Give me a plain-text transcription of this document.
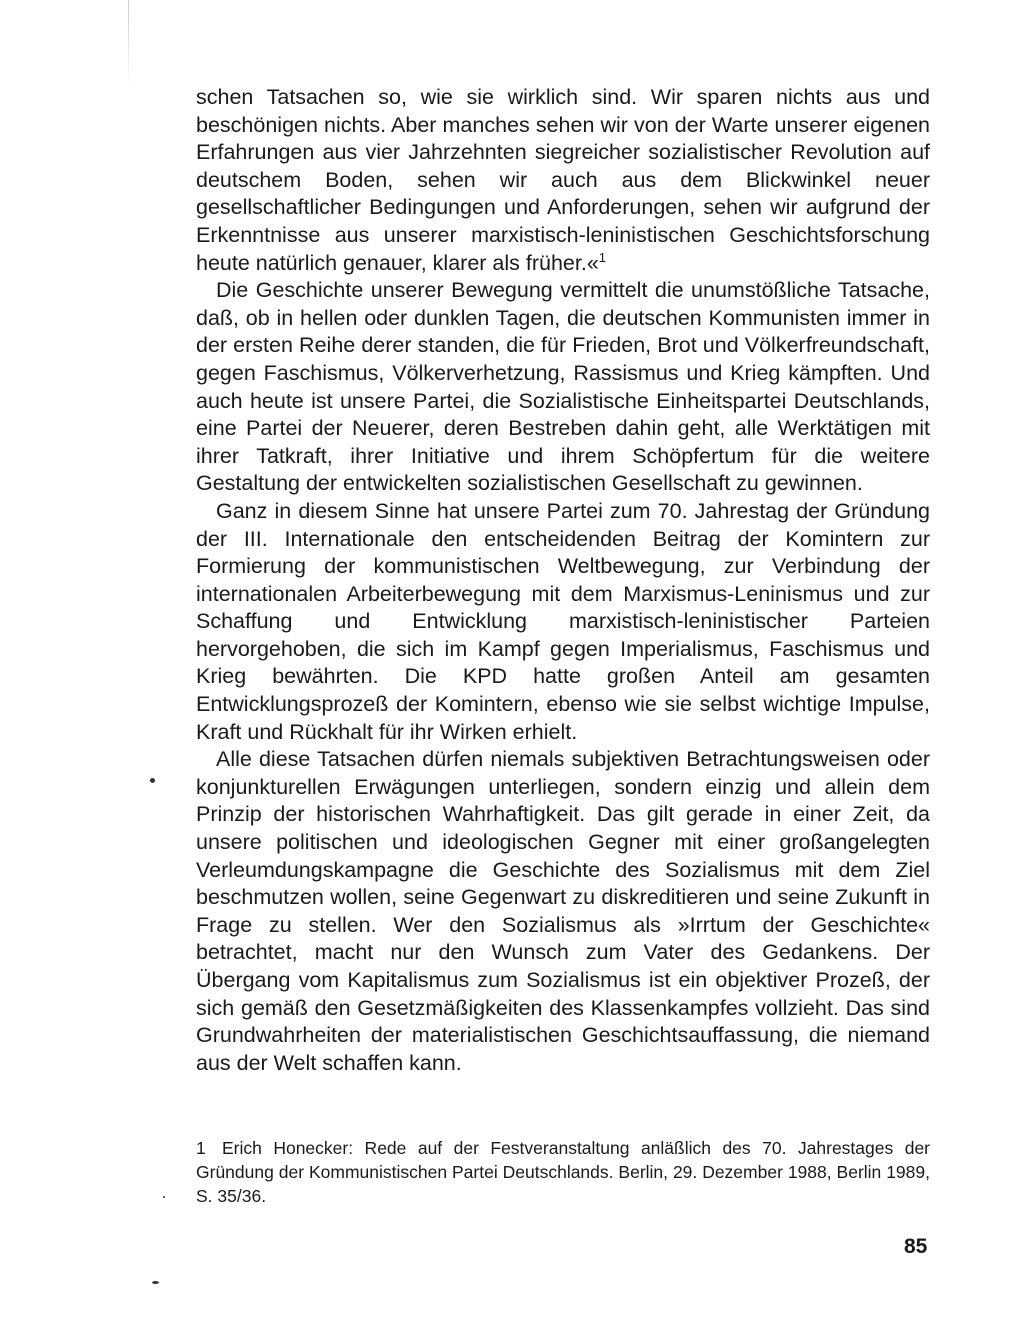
schen Tatsachen so, wie sie wirklich sind. Wir sparen nichts aus und beschönigen nichts. Aber manches sehen wir von der Warte unserer eigenen Erfahrungen aus vier Jahrzehnten siegreicher sozialistischer Revolution auf deutschem Boden, sehen wir auch aus dem Blickwinkel neuer gesellschaftlicher Bedingungen und Anforderungen, sehen wir aufgrund der Erkenntnisse aus unserer marxistisch-leninistischen Geschichtsforschung heute natürlich genauer, klarer als früher.«$^1$

Die Geschichte unserer Bewegung vermittelt die unumstößliche Tatsache, daß, ob in hellen oder dunklen Tagen, die deutschen Kommunisten immer in der ersten Reihe derer standen, die für Frieden, Brot und Völkerfreundschaft, gegen Faschismus, Völkerverhetzung, Rassismus und Krieg kämpften. Und auch heute ist unsere Partei, die Sozialistische Einheitspartei Deutschlands, eine Partei der Neuerer, deren Bestreben dahin geht, alle Werktätigen mit ihrer Tatkraft, ihrer Initiative und ihrem Schöpfertum für die weitere Gestaltung der entwickelten sozialistischen Gesellschaft zu gewinnen.

Ganz in diesem Sinne hat unsere Partei zum 70. Jahrestag der Gründung der III. Internationale den entscheidenden Beitrag der Komintern zur Formierung der kommunistischen Weltbewegung, zur Verbindung der internationalen Arbeiterbewegung mit dem Marxismus-Leninismus und zur Schaffung und Entwicklung marxistisch-leninistischer Parteien hervorgehoben, die sich im Kampf gegen Imperialismus, Faschismus und Krieg bewährten. Die KPD hatte großen Anteil am gesamten Entwicklungsprozeß der Komintern, ebenso wie sie selbst wichtige Impulse, Kraft und Rückhalt für ihr Wirken erhielt.

Alle diese Tatsachen dürfen niemals subjektiven Betrachtungsweisen oder konjunkturellen Erwägungen unterliegen, sondern einzig und allein dem Prinzip der historischen Wahrhaftigkeit. Das gilt gerade in einer Zeit, da unsere politischen und ideologischen Gegner mit einer großangelegten Verleumdungskampagne die Geschichte des Sozialismus mit dem Ziel beschmutzen wollen, seine Gegenwart zu diskreditieren und seine Zukunft in Frage zu stellen. Wer den Sozialismus als »Irrtum der Geschichte« betrachtet, macht nur den Wunsch zum Vater des Gedankens. Der Übergang vom Kapitalismus zum Sozialismus ist ein objektiver Prozeß, der sich gemäß den Gesetzmäßigkeiten des Klassenkampfes vollzieht. Das sind Grundwahrheiten der materialistischen Geschichtsauffassung, die niemand aus der Welt schaffen kann.

1 Erich Honecker: Rede auf der Festveranstaltung anläßlich des 70. Jahrestages der Gründung der Kommunistischen Partei Deutschlands. Berlin, 29. Dezember 1988, Berlin 1989, S. 35/36.

85
